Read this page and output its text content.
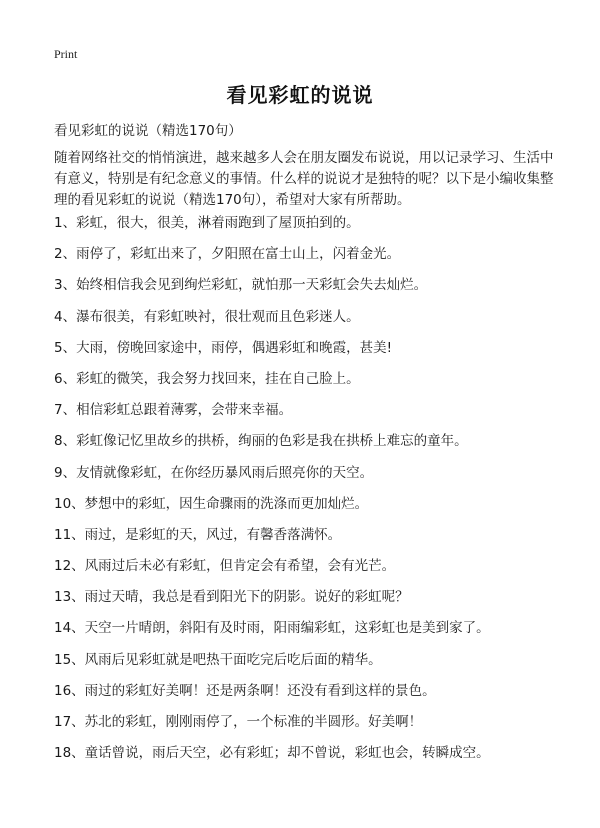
Print
看见彩虹的说说
看见彩虹的说说（精选170句）

随着网络社交的悄悄演进，越来越多人会在朋友圈发布说说，用以记录学习、生活中有意义，特别是有纪念意义的事情。什么样的说说才是独特的呢？以下是小编收集整理的看见彩虹的说说（精选170句），希望对大家有所帮助。

1、彩虹，很大，很美，淋着雨跑到了屋顶拍到的。
2、雨停了，彩虹出来了，夕阳照在富士山上，闪着金光。
3、始终相信我会见到绚烂彩虹，就怕那一天彩虹会失去灿烂。
4、瀑布很美，有彩虹映衬，很壮观而且色彩迷人。
5、大雨，傍晚回家途中，雨停，偶遇彩虹和晚霞，甚美!
6、彩虹的微笑，我会努力找回来，挂在自己脸上。
7、相信彩虹总跟着薄雾，会带来幸福。
8、彩虹像记忆里故乡的拱桥，绚丽的色彩是我在拱桥上难忘的童年。
9、友情就像彩虹，在你经历暴风雨后照亮你的天空。
10、梦想中的彩虹，因生命骤雨的洗涤而更加灿烂。
11、雨过，是彩虹的天，风过，有馨香落满怀。
12、风雨过后未必有彩虹，但肯定会有希望，会有光芒。
13、雨过天晴，我总是看到阳光下的阴影。说好的彩虹呢？
14、天空一片晴朗，斜阳有及时雨，阳雨编彩虹，这彩虹也是美到家了。
15、风雨后见彩虹就是吧热干面吃完后吃后面的精华。
16、雨过的彩虹好美啊！还是两条啊！还没有看到这样的景色。
17、苏北的彩虹，刚刚雨停了，一个标准的半圆形。好美啊！
18、童话曾说，雨后天空，必有彩虹；却不曾说，彩虹也会，转瞬成空。
